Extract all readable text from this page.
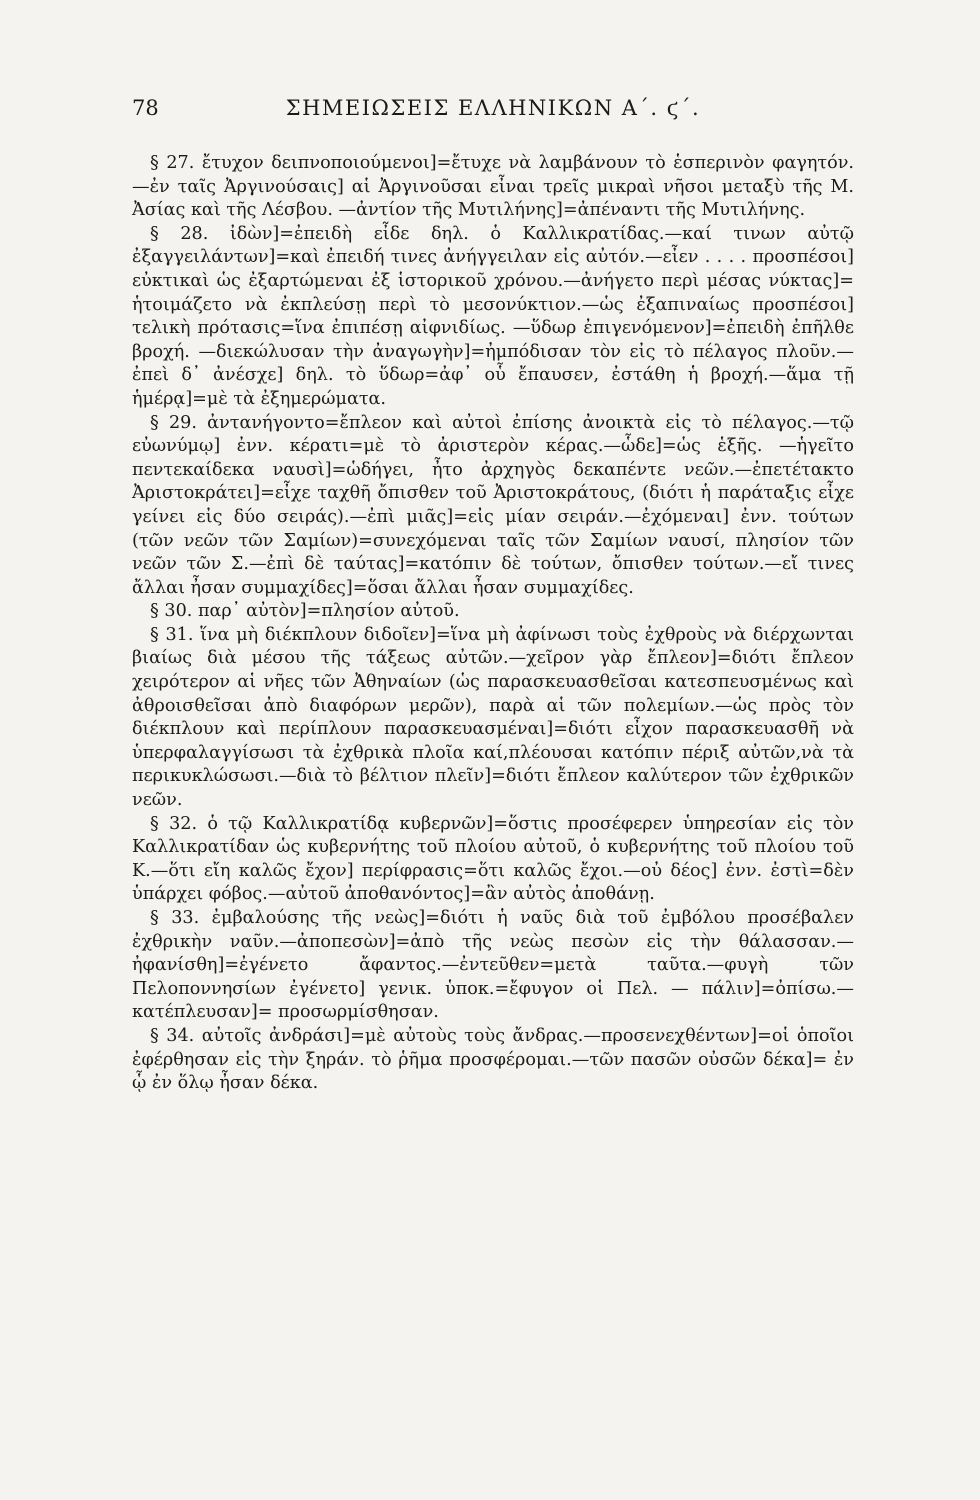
78	ΣΗΜΕΙΩΣΕΙΣ ΕΛΛΗΝΙΚΩΝ Α΄. ϛ΄.

§ 27. ἔτυχον δειπνοποιούμενοι]=ἔτυχε νὰ λαμβάνουν τὸ ἑσπερινὸν φαγητόν.—ἐν ταῖς Ἀργινούσαις] αἱ Ἀργινοῦσαι εἶναι τρεῖς μικραὶ νῆσοι μεταξὺ τῆς Μ. Ἀσίας καὶ τῆς Λέσβου. —ἀντίον τῆς Μυτιλήνης]=ἀπέναντι τῆς Μυτιλήνης.

§ 28. ἰδὼν]=ἐπειδὴ εἶδε δηλ. ὁ Καλλικρατίδας.—καί τινων αὐτῷ ἐξαγγειλάντων]=καὶ ἐπειδή τινες ἀνήγγειλαν εἰς αὐτόν.—εἶεν . . . . προσπέσοι] εὐκτικαὶ ὡς ἐξαρτώμεναι ἐξ ἱστορικοῦ χρόνου.—ἀνήγετο περὶ μέσας νύκτας]= ἡτοιμάζετο νὰ ἐκπλεύσῃ περὶ τὸ μεσονύκτιον.—ὡς ἐξαπιναίως προσπέσοι] τελικὴ πρότασις=ἵνα ἐπιπέσῃ αἰφνιδίως. —ὕδωρ ἐπιγενόμενον]=ἐπειδὴ ἐπῆλθε βροχή. —διεκώλυσαν τὴν ἀναγωγὴν]=ἠμπόδισαν τὸν εἰς τὸ πέλαγος πλοῦν.—ἐπεὶ δ᾽ ἀνέσχε] δηλ. τὸ ὕδωρ=ἀφ᾽ οὗ ἔπαυσεν, ἐστάθη ἡ βροχή.—ἅμα τῇ ἡμέρᾳ]=μὲ τὰ ἐξημερώματα.

§ 29. ἀντανήγοντο=ἔπλεον καὶ αὐτοὶ ἐπίσης ἀνοικτὰ εἰς τὸ πέλαγος.—τῷ εὐωνύμῳ] ἐνν. κέρατι=μὲ τὸ ἀριστερὸν κέρας.—ὧδε]=ὡς ἑξῆς. —ἡγεῖτο πεντεκαίδεκα ναυσὶ]=ὡδήγει, ἦτο ἀρχηγὸς δεκαπέντε νεῶν.—ἐπετέτακτο Ἀριστοκράτει]=εἶχε ταχθῆ ὄπισθεν τοῦ Ἀριστοκράτους, (διότι ἡ παράταξις εἶχε γείνει εἰς δύο σειράς).—ἐπὶ μιᾶς]=εἰς μίαν σειράν.—ἐχόμεναι] ἐνν. τούτων (τῶν νεῶν τῶν Σαμίων)=συνεχόμεναι ταῖς τῶν Σαμίων ναυσί, πλησίον τῶν νεῶν τῶν Σ.—ἐπὶ δὲ ταύτας]=κατόπιν δὲ τούτων, ὄπισθεν τούτων.—εἴ τινες ἄλλαι ἦσαν συμμαχίδες]=ὅσαι ἄλλαι ἦσαν συμμαχίδες.

§ 30. παρ᾽ αὐτὸν]=πλησίον αὐτοῦ.

§ 31. ἵνα μὴ διέκπλουν διδοῖεν]=ἵνα μὴ ἀφίνωσι τοὺς ἐχθροὺς νὰ διέρχωνται βιαίως διὰ μέσου τῆς τάξεως αὐτῶν.—χεῖρον γὰρ ἔπλεον]=διότι ἔπλεον χειρότερον αἱ νῆες τῶν Ἀθηναίων (ὡς παρασκευασθεῖσαι κατεσπευσμένως καὶ ἀθροισθεῖσαι ἀπὸ διαφόρων μερῶν), παρὰ αἱ τῶν πολεμίων.—ὡς πρὸς τὸν διέκπλουν καὶ περίπλουν παρασκευασμέναι]=διότι εἶχον παρασκευασθῆ νὰ ὑπερφαλαγγίσωσι τὰ ἐχθρικὰ πλοῖα καί,πλέουσαι κατόπιν πέριξ αὐτῶν,νὰ τὰ περικυκλώσωσι.—διὰ τὸ βέλτιον πλεῖν]=διότι ἔπλεον καλύτερον τῶν ἐχθρικῶν νεῶν.

§ 32. ὁ τῷ Καλλικρατίδᾳ κυβερνῶν]=ὅστις προσέφερεν ὑπηρεσίαν εἰς τὸν Καλλικρατίδαν ὡς κυβερνήτης τοῦ πλοίου αὐτοῦ, ὁ κυβερνήτης τοῦ πλοίου τοῦ Κ.—ὅτι εἴη καλῶς ἔχον] περίφρασις=ὅτι καλῶς ἔχοι.—οὐ δέος] ἐνν. ἐστὶ=δὲν ὑπάρχει φόβος.—αὐτοῦ ἀποθανόντος]=ἂν αὐτὸς ἀποθάνῃ.

§ 33. ἐμβαλούσης τῆς νεὼς]=διότι ἡ ναῦς διὰ τοῦ ἐμβόλου προσέβαλεν ἐχθρικὴν ναῦν.—ἀποπεσὼν]=ἀπὸ τῆς νεὼς πεσὼν εἰς τὴν θάλασσαν.—ἠφανίσθη]=ἐγένετο ἄφαντος.—ἐντεῦθεν=μετὰ ταῦτα.—φυγὴ τῶν Πελοποννησίων ἐγένετο] γενικ. ὑποκ.=ἔφυγον οἱ Πελ. — πάλιν]=ὀπίσω.— κατέπλευσαν]= προσωρμίσθησαν.

§ 34. αὐτοῖς ἀνδράσι]=μὲ αὐτοὺς τοὺς ἄνδρας.—προσενεχθέντων]=οἱ ὁποῖοι ἐφέρθησαν εἰς τὴν ξηράν. τὸ ῥῆμα προσφέρομαι.—τῶν πασῶν οὐσῶν δέκα]= ἐν ᾧ ἐν ὅλῳ ἦσαν δέκα.
